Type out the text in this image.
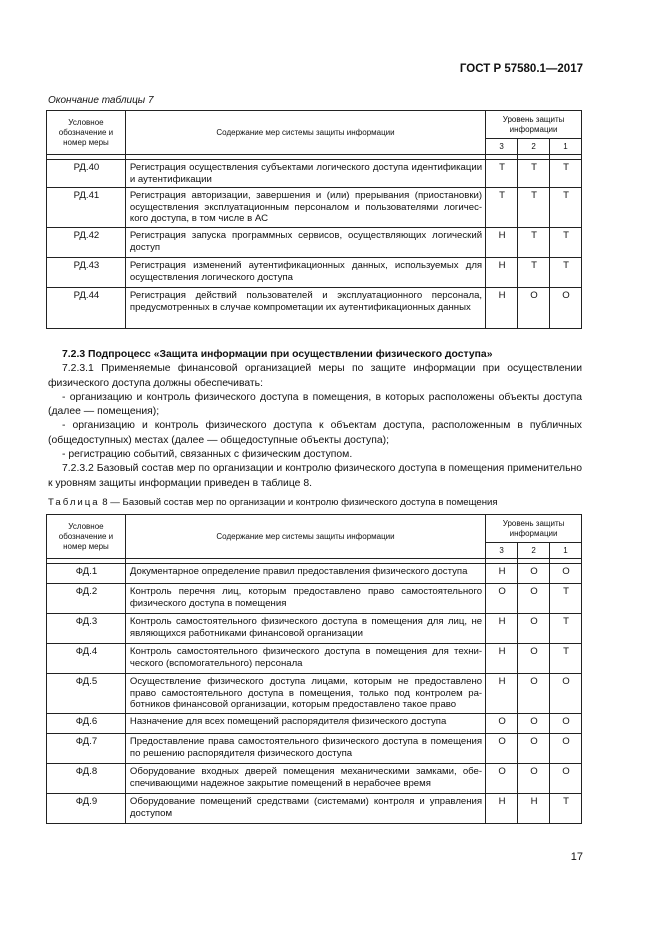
ГОСТ Р 57580.1—2017
Окончание таблицы 7
Условное обозначение и номер меры	Содержание мер системы защиты информации	Уровень защиты информации		
		3	2	1

РД.40	Регистрация осуществления субъектами логического доступа идентификации и аутентификации	Т	Т	Т
РД.41	Регистрация авторизации, завершения и (или) прерывания (приостановки) осуществления эксплуатационным персоналом и пользователями логического доступа, в том числе в АС	Т	Т	Т
РД.42	Регистрация запуска программных сервисов, осуществляющих логический доступ	Н	Т	Т
РД.43	Регистрация изменений аутентификационных данных, используемых для осуществления логического доступа	Н	Т	Т
РД.44	Регистрация действий пользователей и эксплуатационного персонала, предусмотренных в случае компрометации их аутентификационных данных	Н	О	О

7.2.3 Подпроцесс «Защита информации при осуществлении физического доступа»

7.2.3.1 Применяемые финансовой организацией меры по защите информации при осуществлении физического доступа должны обеспечивать:

- организацию и контроль физического доступа в помещения, в которых расположены объекты доступа (далее — помещения);

- организацию и контроль физического доступа к объектам доступа, расположенным в публичных (общедоступных) местах (далее — общедоступные объекты доступа);

- регистрацию событий, связанных с физическим доступом.

7.2.3.2 Базовый состав мер по организации и контролю физического доступа в помещения применительно к уровням защиты информации приведен в таблице 8.

Таблица 8 — Базовый состав мер по организации и контролю физического доступа в помещения
Условное обозначение и номер меры	Содержание мер системы защиты информации	Уровень защиты информации		
		3	2	1

ФД.1	Документарное определение правил предоставления физического доступа	Н	О	О
ФД.2	Контроль перечня лиц, которым предоставлено право самостоятельного физического доступа в помещения	О	О	Т
ФД.3	Контроль самостоятельного физического доступа в помещения для лиц, не являющихся работниками финансовой организации	Н	О	Т
ФД.4	Контроль самостоятельного физического доступа в помещения для технического (вспомогательного) персонала	Н	О	Т
ФД.5	Осуществление физического доступа лицами, которым не предоставлено право самостоятельного доступа в помещения, только под контролем работников финансовой организации, которым предоставлено такое право	Н	О	О
ФД.6	Назначение для всех помещений распорядителя физического доступа	О	О	О
ФД.7	Предоставление права самостоятельного физического доступа в помещения по решению распорядителя физического доступа	О	О	О
ФД.8	Оборудование входных дверей помещения механическими замками, обеспечивающими надежное закрытие помещений в нерабочее время	О	О	О
ФД.9	Оборудование помещений средствами (системами) контроля и управления доступом	Н	Н	Т
17
